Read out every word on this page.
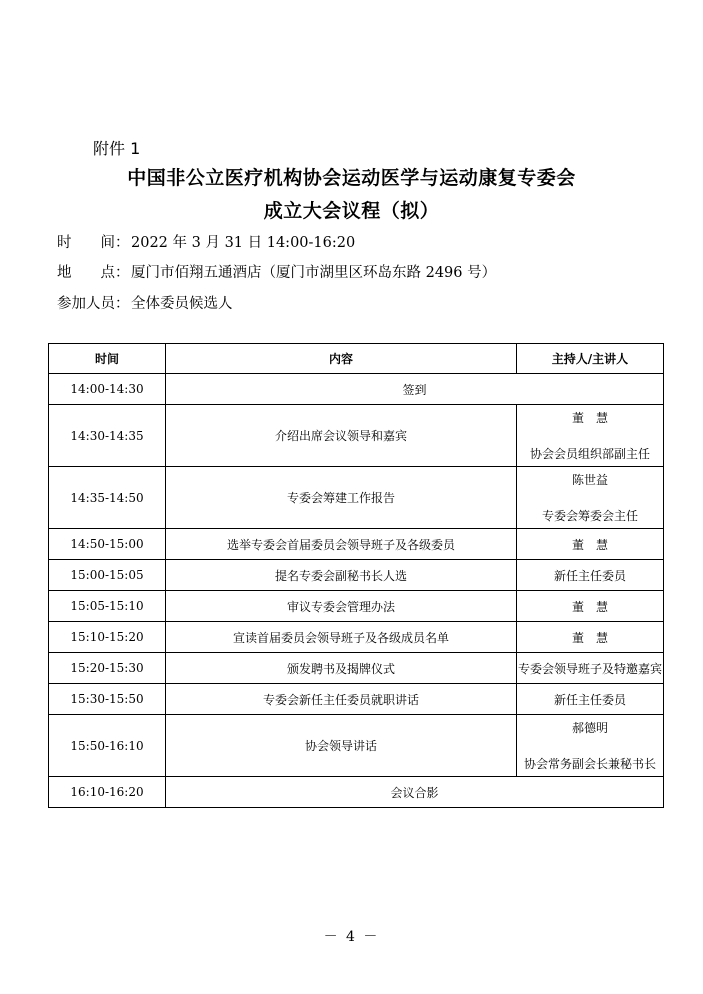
附件 1
中国非公立医疗机构协会运动医学与运动康复专委会
成立大会议程（拟）
时　　间： 2022 年 3 月 31 日 14:00-16:20
地　　点： 厦门市佰翔五通酒店（厦门市湖里区环岛东路 2496 号）
参加人员： 全体委员候选人
时间	内容	主持人/主讲人
14:00-14:30	签到	
14:30-14:35	介绍出席会议领导和嘉宾	董　慧
协会会员组织部副主任

14:35-14:50	专委会筹建工作报告	陈世益
专委会筹委会主任

14:50-15:00	选举专委会首届委员会领导班子及各级委员	董　慧
15:00-15:05	提名专委会副秘书长人选	新任主任委员
15:05-15:10	审议专委会管理办法	董　慧
15:10-15:20	宣读首届委员会领导班子及各级成员名单	董　慧
15:20-15:30	颁发聘书及揭牌仪式	专委会领导班子及特邀嘉宾
15:30-15:50	专委会新任主任委员就职讲话	新任主任委员
15:50-16:10	协会领导讲话	郝德明
协会常务副会长兼秘书长

16:10-16:20	会议合影	
－ 4 －
